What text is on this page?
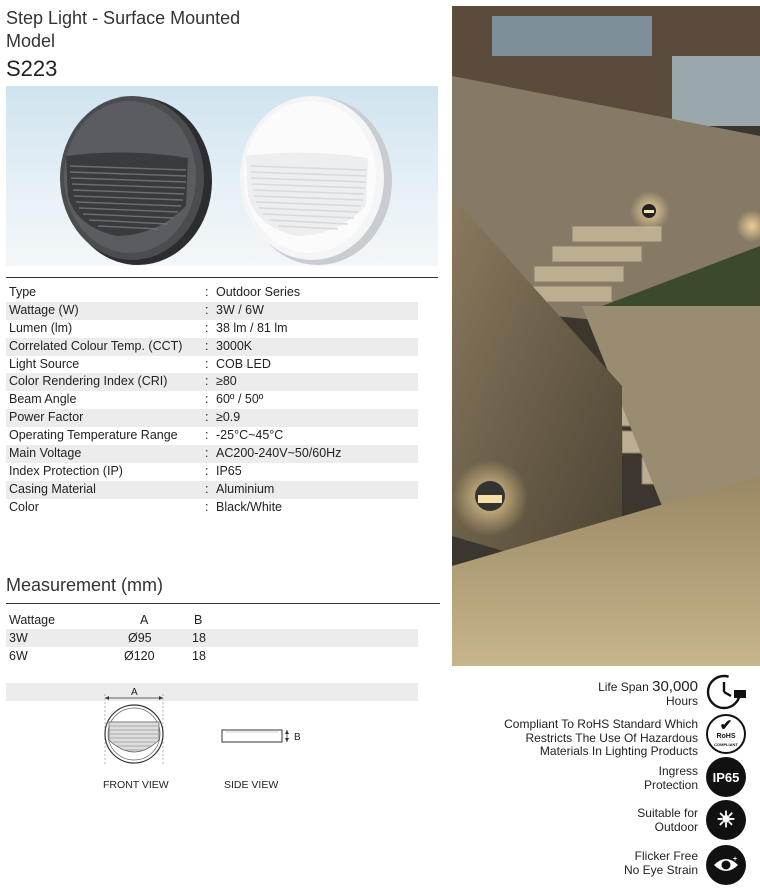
Step Light - Surface Mounted
Model
S223
Type	: Outdoor Series
Wattage (W)	: 3W / 6W
Lumen (lm)	: 38 lm / 81 lm
Correlated Colour Temp. (CCT) : 3000K
Light Source	: COB LED
Color Rendering Index (CRI)	: ≥80
Beam Angle	: 60º / 50º
Power Factor	: ≥0.9
Operating Temperature Range : -25°C~45°C
Main Voltage	: AC200-240V~50/60Hz
Index Protection (IP)	: IP65
Casing Material	: Aluminium
Color	: Black/White
Measurement (mm)
Wattage	A	B
3W	Ø95	18
6W	Ø120	18
A
FRONT VIEW
B
SIDE VIEW
Life Span 30,000
Hours
Compliant To RoHS Standard Which
Restricts The Use Of Hazardous
Materials In Lighting Products
✔
RoHS
COMPLIANT
Ingress
Protection	IP65
Suitable for
Outdoor ☀
Flicker Free
No Eye Strain
+
